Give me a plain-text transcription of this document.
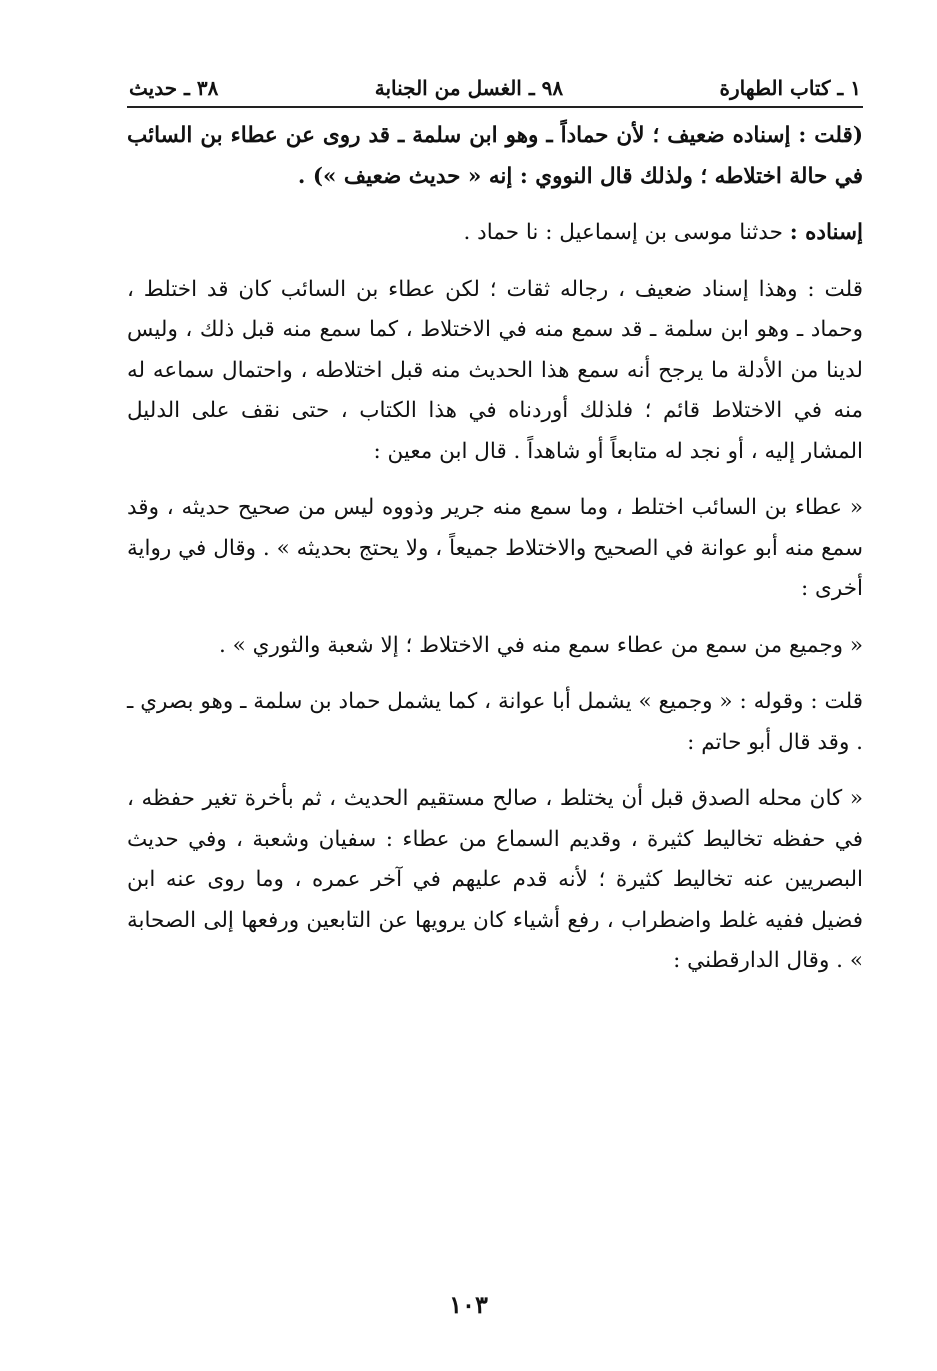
١ ـ كتاب الطهارة
٩٨ ـ الغسل من الجنابة
٣٨ ـ حديث

(قلت : إسناده ضعيف ؛ لأن حماداً ـ وهو ابن سلمة ـ قد روى عن عطاء بن السائب في حالة اختلاطه ؛ ولذلك قال النووي : إنه « حديث ضعيف ») .

إسناده : حدثنا موسى بن إسماعيل : نا حماد .

قلت : وهذا إسناد ضعيف ، رجاله ثقات ؛ لكن عطاء بن السائب كان قد اختلط ، وحماد ـ وهو ابن سلمة ـ قد سمع منه في الاختلاط ، كما سمع منه قبل ذلك ، وليس لدينا من الأدلة ما يرجح أنه سمع هذا الحديث منه قبل اختلاطه ، واحتمال سماعه له منه في الاختلاط قائم ؛ فلذلك أوردناه في هذا الكتاب ، حتى نقف على الدليل المشار إليه ، أو نجد له متابعاً أو شاهداً . قال ابن معين :

« عطاء بن السائب اختلط ، وما سمع منه جرير وذووه ليس من صحيح حديثه ، وقد سمع منه أبو عوانة في الصحيح والاختلاط جميعاً ، ولا يحتج بحديثه » . وقال في رواية أخرى :

« وجميع من سمع من عطاء سمع منه في الاختلاط ؛ إلا شعبة والثوري » .

قلت : وقوله : « وجميع » يشمل أبا عوانة ، كما يشمل حماد بن سلمة ـ وهو بصري ـ . وقد قال أبو حاتم :

« كان محله الصدق قبل أن يختلط ، صالح مستقيم الحديث ، ثم بأخرة تغير حفظه ، في حفظه تخاليط كثيرة ، وقديم السماع من عطاء : سفيان وشعبة ، وفي حديث البصريين عنه تخاليط كثيرة ؛ لأنه قدم عليهم في آخر عمره ، وما روى عنه ابن فضيل ففيه غلط واضطراب ، رفع أشياء كان يرويها عن التابعين ورفعها إلى الصحابة » . وقال الدارقطني :

١٠٣
